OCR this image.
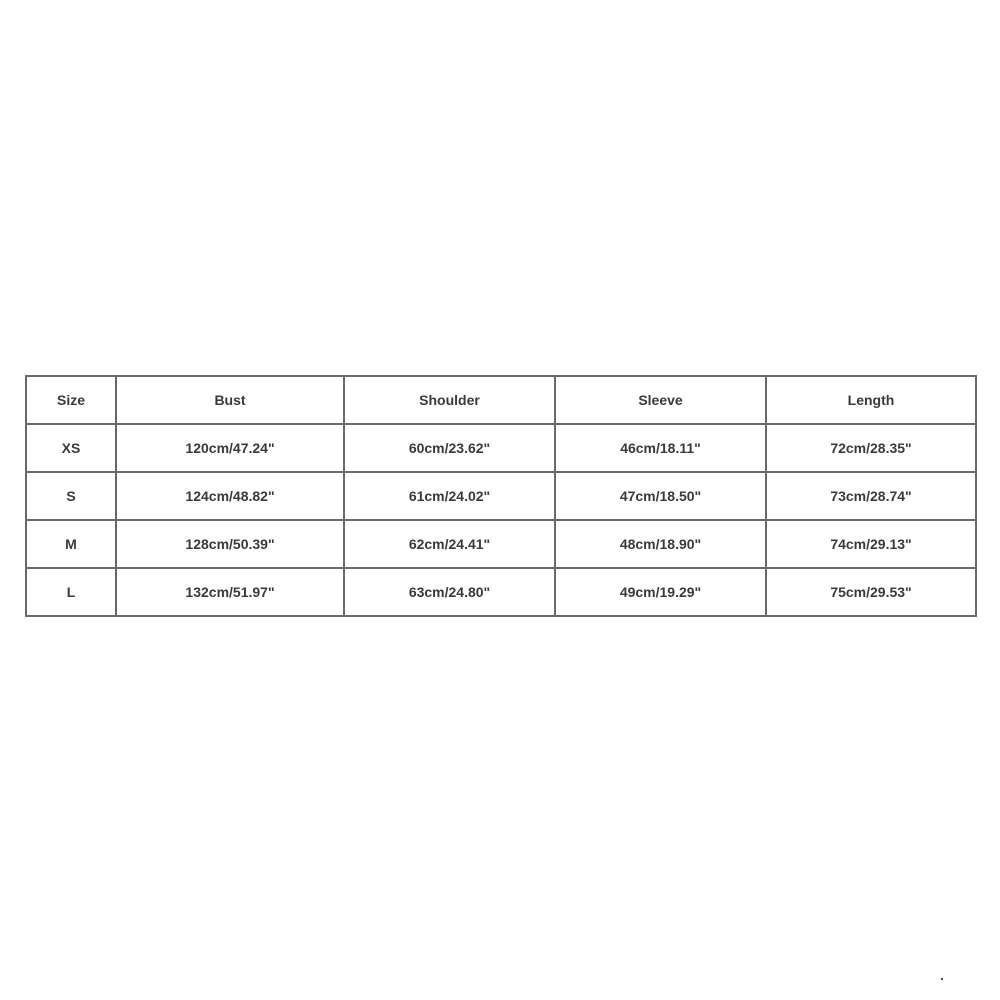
Size	Bust	Shoulder	Sleeve	Length
XS	120cm/47.24"	60cm/23.62"	46cm/18.11"	72cm/28.35"
S	124cm/48.82"	61cm/24.02"	47cm/18.50"	73cm/28.74"
M	128cm/50.39"	62cm/24.41"	48cm/18.90"	74cm/29.13"
L	132cm/51.97"	63cm/24.80"	49cm/19.29"	75cm/29.53"
